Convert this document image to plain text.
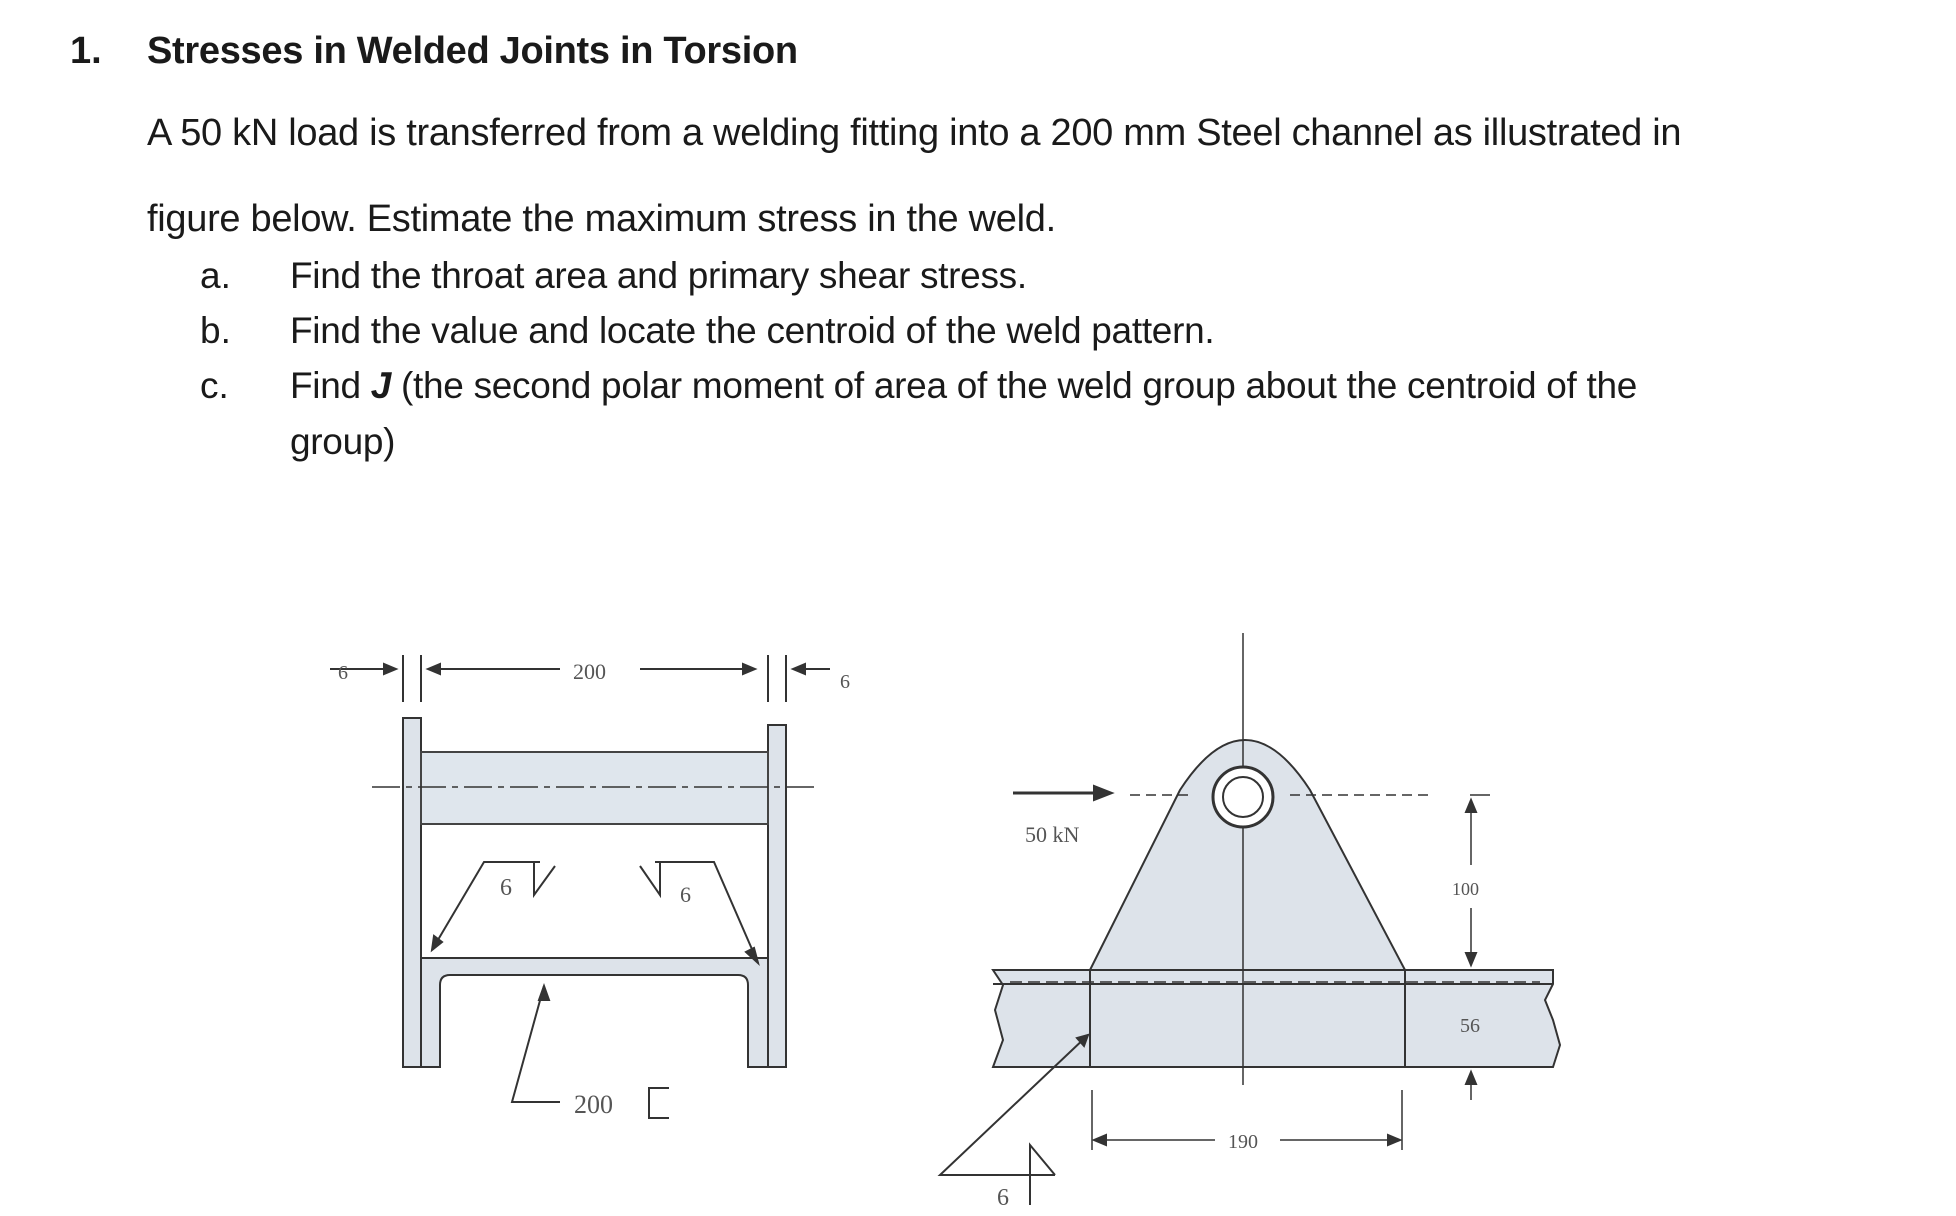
1. Stresses in Welded Joints in Torsion
A 50 kN load is transferred from a welding fitting into a 200 mm Steel channel as illustrated in
figure below. Estimate the maximum stress in the weld.
a. Find the throat area and primary shear stress.
b. Find the value and locate the centroid of the weld pattern.
c. Find J (the second polar moment of area of the weld group about the centroid of the
group)
6	200	6
6	6
200
50 kN
100
56
190
6
